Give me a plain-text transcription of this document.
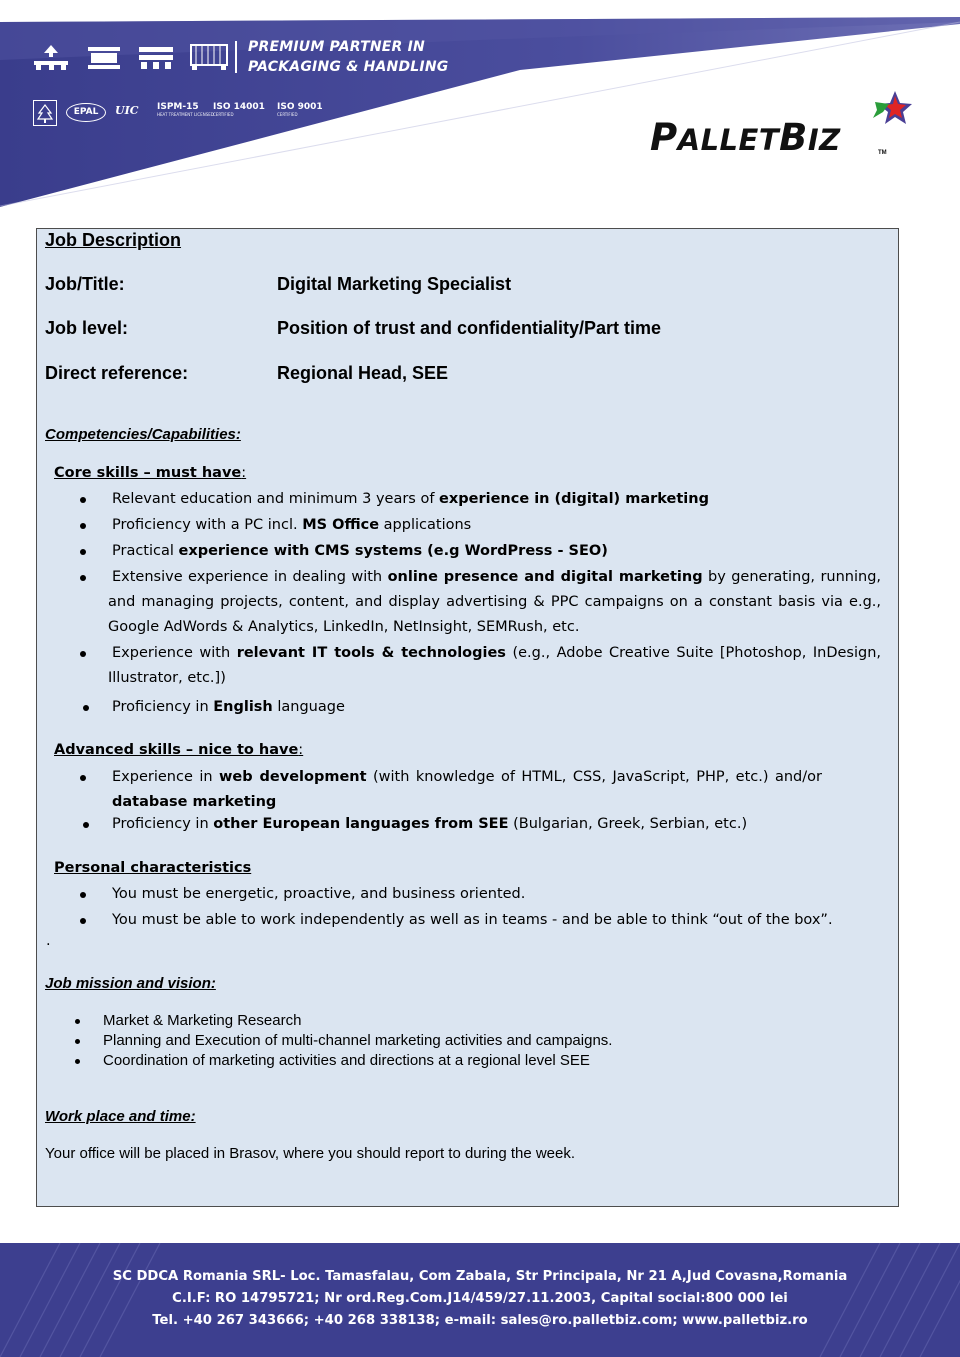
PREMIUM PARTNER IN
PACKAGING & HANDLING
EPAL	UIC ISPM-15
HEAT TREATMENT LICENSED
ISO 14001
CERTIFIED
ISO 9001
CERTIFIED
PALLETBIZ	TM
Job Description
Job/Title:	Digital Marketing Specialist
Job level:	Position of trust and confidentiality/Part time
Direct reference:	Regional Head, SEE
Competencies/Capabilities:
Core skills – must have:
Relevant education and minimum 3 years of experience in (digital) marketing
Proficiency with a PC incl. MS Office applications
Practical experience with CMS systems (e.g WordPress - SEO)
Extensive experience in dealing with online presence and digital marketing by generating, running, and managing projects, content, and display advertising & PPC campaigns on a constant basis via e.g., Google AdWords & Analytics, LinkedIn, NetInsight, SEMRush, etc.
Experience with relevant IT tools & technologies (e.g., Adobe Creative Suite [Photoshop, InDesign, Illustrator, etc.])
Proficiency in English language
Advanced skills – nice to have:
Experience in web development (with knowledge of HTML, CSS, JavaScript, PHP, etc.) and/or database marketing
Proficiency in other European languages from SEE (Bulgarian, Greek, Serbian, etc.)
Personal characteristics
You must be energetic, proactive, and business oriented.
You must be able to work independently as well as in teams - and be able to think “out of the box”.
.
Job mission and vision:
Market & Marketing Research
Planning and Execution of multi-channel marketing activities and campaigns.
Coordination of marketing activities and directions at a regional level SEE
Work place and time:
Your office will be placed in Brasov, where you should report to during the week.
SC DDCA Romania SRL- Loc. Tamasfalau, Com Zabala, Str Principala, Nr 21 A,Jud Covasna,Romania
C.I.F: RO 14795721; Nr ord.Reg.Com.J14/459/27.11.2003, Capital social:800 000 lei
Tel. +40 267 343666; +40 268 338138; e-mail: sales@ro.palletbiz.com; www.palletbiz.ro
